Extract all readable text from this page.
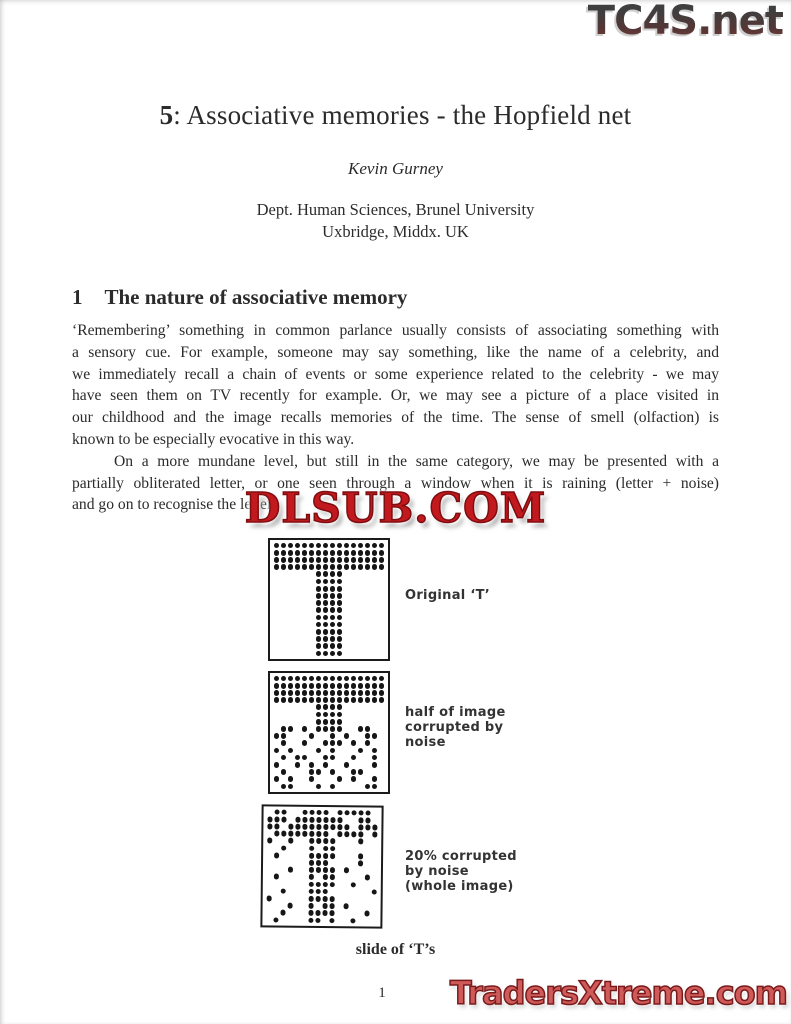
TC4S.net
5: Associative memories - the Hopfield net
Kevin Gurney
Dept. Human Sciences, Brunel University
Uxbridge, Middx. UK
1 The nature of associative memory
‘Remembering’ something in common parlance usually consists of associating something with
a sensory cue. For example, someone may say something, like the name of a celebrity, and
we immediately recall a chain of events or some experience related to the celebrity - we may
have seen them on TV recently for example. Or, we may see a picture of a place visited in
our childhood and the image recalls memories of the time. The sense of smell (olfaction) is
known to be especially evocative in this way.
On a more mundane level, but still in the same category, we may be presented with a
partially obliterated letter, or one seen through a window when it is raining (letter + noise)
and go on to recognise the letter.
DLSUB.COM
Original ‘T’
half of image
corrupted by
noise
20% corrupted
by noise
(whole image)
slide of ‘T’s
1	TradersXtreme.com
